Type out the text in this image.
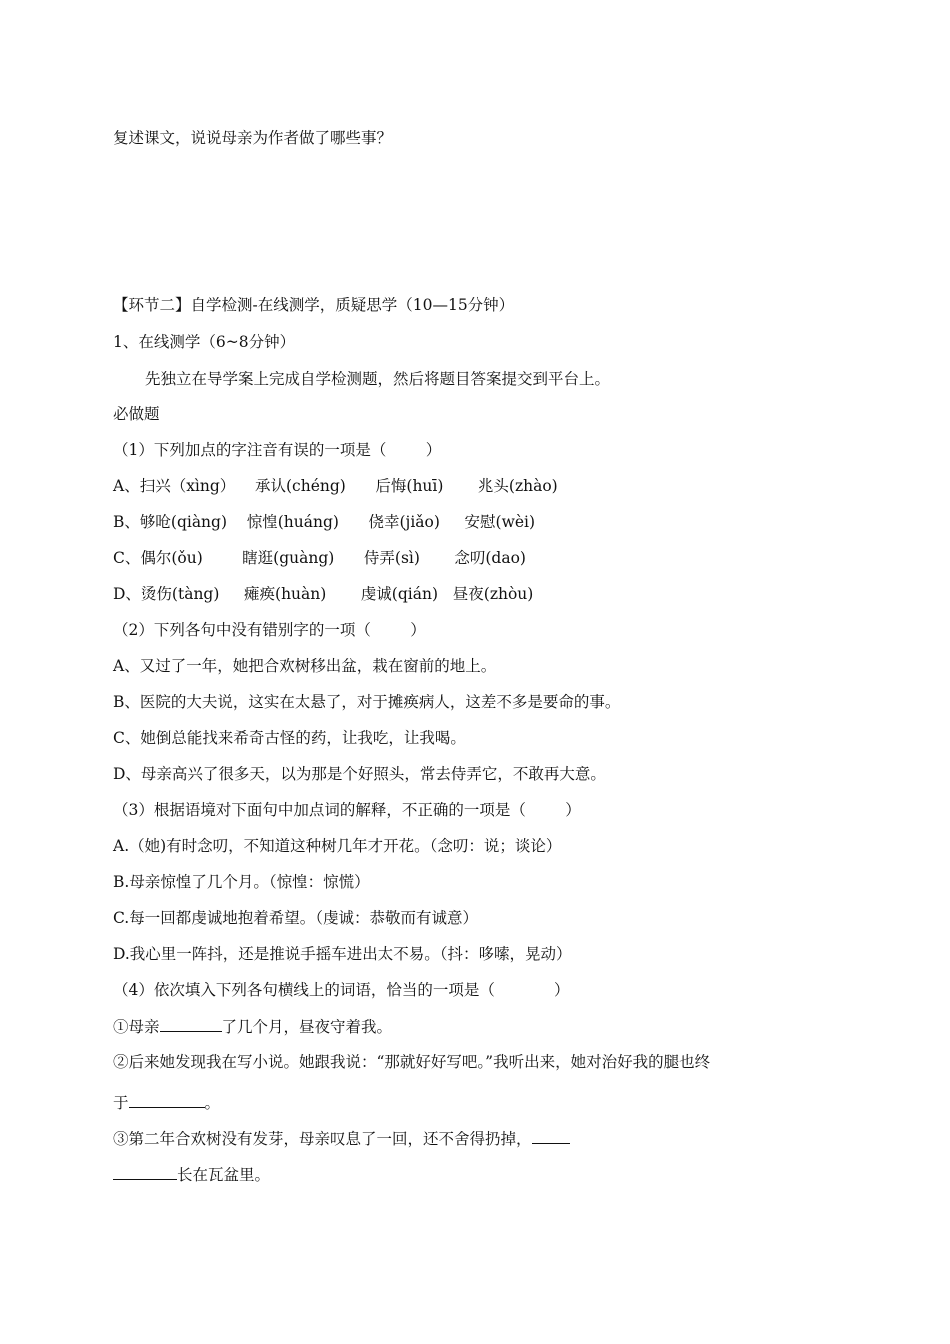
复述课文，说说母亲为作者做了哪些事？
【环节二】自学检测-在线测学，质疑思学（10—15分钟）
1、在线测学（6~8分钟）
先独立在导学案上完成自学检测题，然后将题目答案提交到平台上。
必做题
（1）下列加点的字注音有误的一项是（        ）
A、扫兴（xìng）    承认(chéng)      后悔(huī)       兆头(zhào)
B、够呛(qiàng)    惊惶(huáng)      侥幸(jiǎo)     安慰(wèi)
C、偶尔(ǒu)        瞎逛(guàng)      侍弄(sì)       念叨(dao)
D、烫伤(tàng)     瘫痪(huàn)       虔诚(qián)   昼夜(zhòu)
（2）下列各句中没有错别字的一项（        ）
A、又过了一年，她把合欢树移出盆，栽在窗前的地上。
B、医院的大夫说，这实在太悬了，对于摊痪病人，这差不多是要命的事。
C、她倒总能找来希奇古怪的药，让我吃，让我喝。
D、母亲高兴了很多天，以为那是个好照头，常去侍弄它，不敢再大意。
（3）根据语境对下面句中加点词的解释，不正确的一项是（        ）
A.（她)有时念叨，不知道这种树几年才开花。（念叨：说；谈论）
B.母亲惊惶了几个月。（惊惶：惊慌）
C.每一回都虔诚地抱着希望。（虔诚：恭敬而有诚意）
D.我心里一阵抖，还是推说手摇车进出太不易。（抖：哆嗦，晃动）
（4）依次填入下列各句横线上的词语，恰当的一项是（            ）
①母亲	了几个月，昼夜守着我。
②后来她发现我在写小说。她跟我说：“那就好好写吧。”我听出来，她对治好我的腿也终
于	。
③第二年合欢树没有发芽，母亲叹息了一回，还不舍得扔掉，
长在瓦盆里。
